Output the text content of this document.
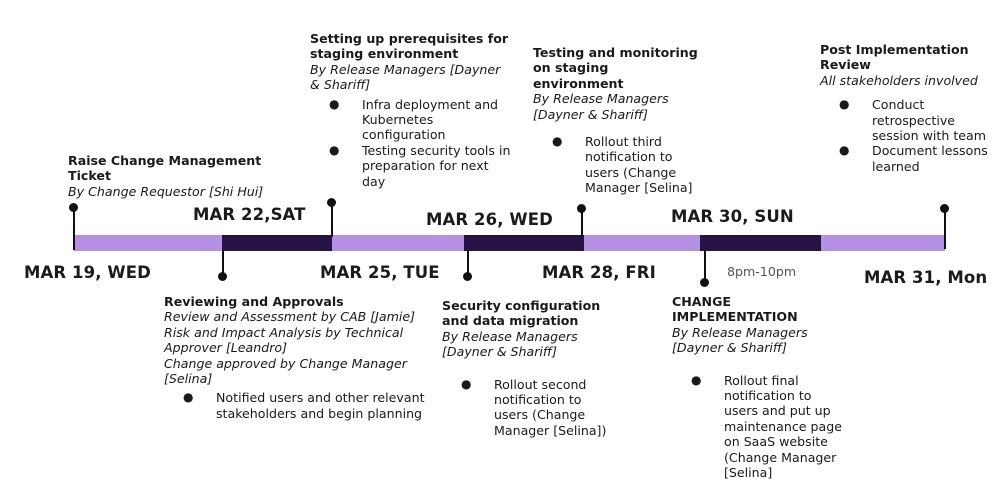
MAR 19, WED
MAR 22,SAT
MAR 25, TUE
MAR 26, WED
MAR 28, FRI
MAR 30, SUN
MAR 31, Mon
8pm-10pm
Raise Change Management Ticket
By Change Requestor [Shi Hui]
Setting up prerequisites for staging environment
By Release Managers [Dayner & Shariff]
● Infra deployment and Kubernetes configuration
● Testing security tools in preparation for next day
Testing and monitoring on staging environment
By Release Managers [Dayner & Shariff]
● Rollout third notification to users (Change Manager [Selina]
Post Implementation Review
All stakeholders involved
● Conduct retrospective session with team
● Document lessons learned
Reviewing and Approvals
Review and Assessment by CAB [Jamie]
Risk and Impact Analysis by Technical Approver [Leandro]
Change approved by Change Manager [Selina]
● Notified users and other relevant stakeholders and begin planning
Security configuration and data migration
By Release Managers [Dayner & Shariff]
● Rollout second notification to users (Change Manager [Selina])
CHANGE IMPLEMENTATION
By Release Managers [Dayner & Shariff]
● Rollout final notification to users and put up maintenance page on SaaS website (Change Manager [Selina]
